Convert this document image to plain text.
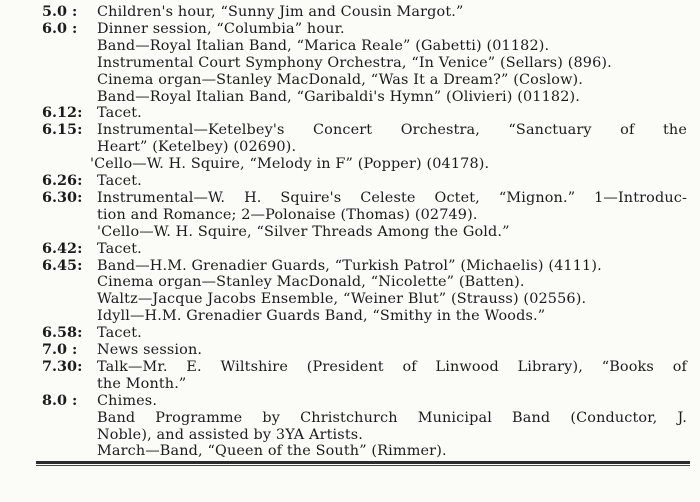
5.0 :	Children's hour, “Sunny Jim and Cousin Margot.”
6.0 :	Dinner session, “Columbia” hour.
Band—Royal Italian Band, “Marica Reale” (Gabetti) (01182).
Instrumental Court Symphony Orchestra, “In Venice” (Sellars) (896).
Cinema organ—Stanley MacDonald, “Was It a Dream?” (Coslow).
Band—Royal Italian Band, “Garibaldi's Hymn” (Olivieri) (01182).
6.12:	Tacet.
6.15:	Instrumental—Ketelbey's Concert Orchestra, “Sanctuary of the
Heart” (Ketelbey) (02690).
'Cello—W. H. Squire, “Melody in F” (Popper) (04178).
6.26:	Tacet.
6.30:	Instrumental—W. H. Squire's Celeste Octet, “Mignon.” 1—Introduc-
tion and Romance; 2—Polonaise (Thomas) (02749).
'Cello—W. H. Squire, “Silver Threads Among the Gold.”
6.42:	Tacet.
6.45:	Band—H.M. Grenadier Guards, “Turkish Patrol” (Michaelis) (4111).
Cinema organ—Stanley MacDonald, “Nicolette” (Batten).
Waltz—Jacque Jacobs Ensemble, “Weiner Blut” (Strauss) (02556).
Idyll—H.M. Grenadier Guards Band, “Smithy in the Woods.”
6.58:	Tacet.
7.0 :	News session.
7.30:	Talk—Mr. E. Wiltshire (President of Linwood Library), “Books of
the Month.”
8.0 :	Chimes.
Band Programme by Christchurch Municipal Band (Conductor, J.
Noble), and assisted by 3YA Artists.
March—Band, “Queen of the South” (Rimmer).
